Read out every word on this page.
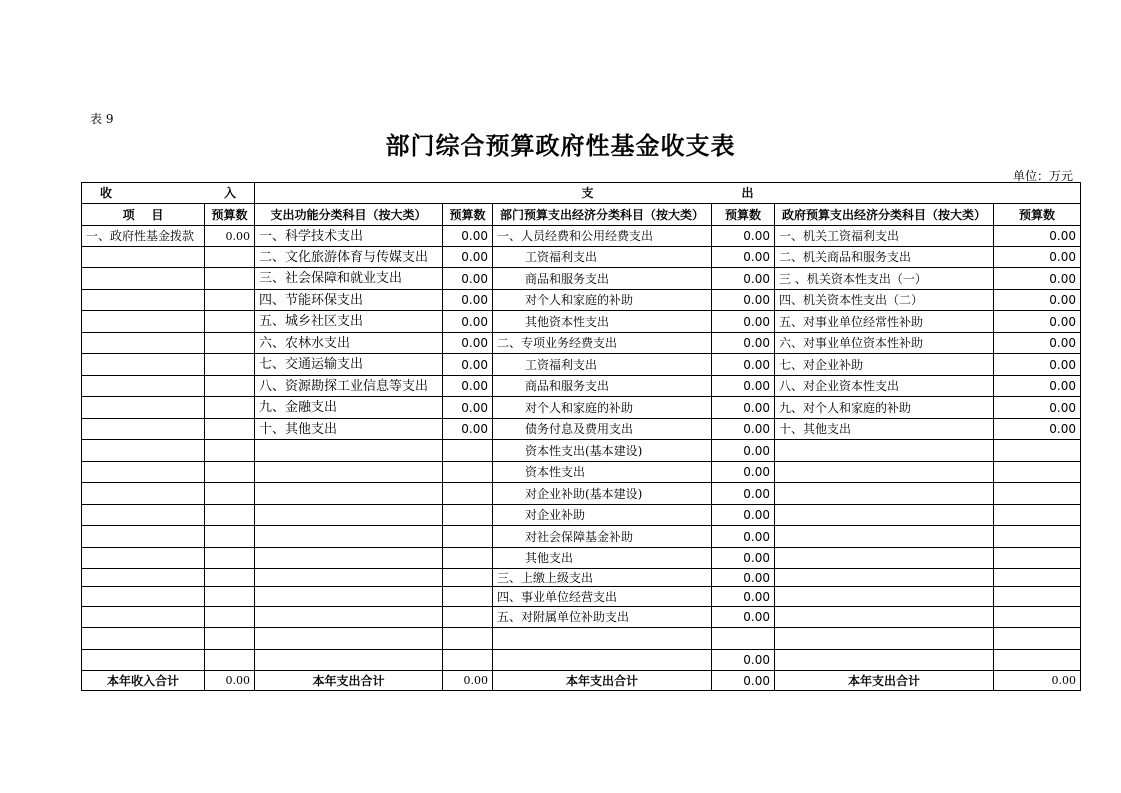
表 9
部门综合预算政府性基金收支表
单位：万元
收 入		支 出					

项    目	预算数	支出功能分类科目（按大类）	预算数	部门预算支出经济分类科目（按大类）	预算数	政府预算支出经济分类科目（按大类）	预算数
一、政府性基金拨款	0.00	一、科学技术支出	0.00	一、人员经费和公用经费支出	0.00	一、机关工资福利支出	0.00
		二、文化旅游体育与传媒支出	0.00	工资福利支出	0.00	二、机关商品和服务支出	0.00
		三、社会保障和就业支出	0.00	商品和服务支出	0.00	三 、机关资本性支出（一）	0.00
		四、节能环保支出	0.00	对个人和家庭的补助	0.00	四、机关资本性支出（二）	0.00
		五、城乡社区支出	0.00	其他资本性支出	0.00	五、对事业单位经常性补助	0.00
		六、农林水支出	0.00	二、专项业务经费支出	0.00	六、对事业单位资本性补助	0.00
		七、交通运输支出	0.00	工资福利支出	0.00	七、对企业补助	0.00
		八、资源勘探工业信息等支出	0.00	商品和服务支出	0.00	八、对企业资本性支出	0.00
		九、金融支出	0.00	对个人和家庭的补助	0.00	九、对个人和家庭的补助	0.00
		十、其他支出	0.00	债务付息及费用支出	0.00	十、其他支出	0.00
				资本性支出(基本建设)	0.00		
				资本性支出	0.00		
				对企业补助(基本建设)	0.00		
				对企业补助	0.00		
				对社会保障基金补助	0.00		
				其他支出	0.00		
				三、上缴上级支出	0.00		
				四、事业单位经营支出	0.00		
				五、对附属单位补助支出	0.00		

					0.00		
本年收入合计	0.00	本年支出合计	0.00	本年支出合计	0.00	本年支出合计	0.00
